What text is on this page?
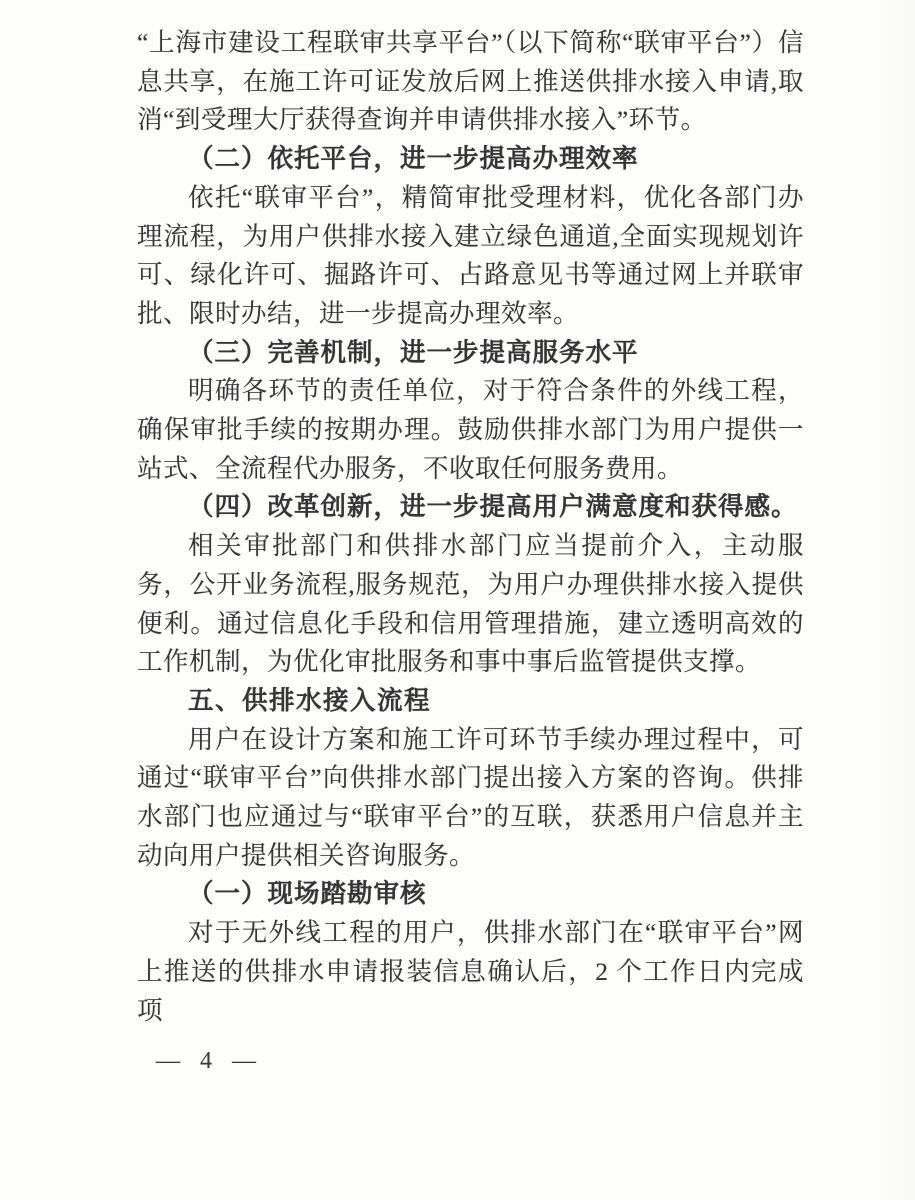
“上海市建设工程联审共享平台”（以下简称“联审平台”）信息共享，在施工许可证发放后网上推送供排水接入申请,取消“到受理大厅获得查询并申请供排水接入”环节。

（二）依托平台，进一步提高办理效率

依托“联审平台”，精简审批受理材料，优化各部门办理流程，为用户供排水接入建立绿色通道,全面实现规划许可、绿化许可、掘路许可、占路意见书等通过网上并联审批、限时办结，进一步提高办理效率。

（三）完善机制，进一步提高服务水平

明确各环节的责任单位，对于符合条件的外线工程，确保审批手续的按期办理。鼓励供排水部门为用户提供一站式、全流程代办服务，不收取任何服务费用。

（四）改革创新，进一步提高用户满意度和获得感。

相关审批部门和供排水部门应当提前介入，主动服务，公开业务流程,服务规范，为用户办理供排水接入提供便利。通过信息化手段和信用管理措施，建立透明高效的工作机制，为优化审批服务和事中事后监管提供支撑。

五、供排水接入流程

用户在设计方案和施工许可环节手续办理过程中，可通过“联审平台”向供排水部门提出接入方案的咨询。供排水部门也应通过与“联审平台”的互联，获悉用户信息并主动向用户提供相关咨询服务。

（一）现场踏勘审核

对于无外线工程的用户，供排水部门在“联审平台”网上推送的供排水申请报装信息确认后，2 个工作日内完成项

— 4 —
